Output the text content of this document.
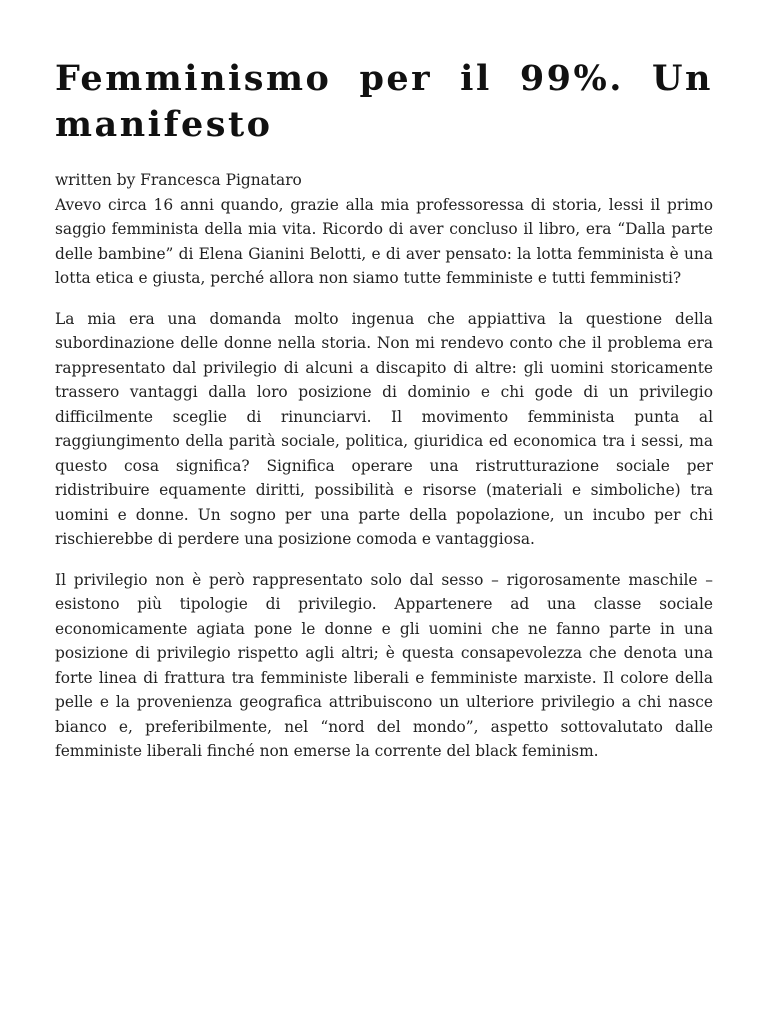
Femminismo per il 99%. Un manifesto

written by Francesca Pignataro

Avevo circa 16 anni quando, grazie alla mia professoressa di storia, lessi il primo saggio femminista della mia vita. Ricordo di aver concluso il libro, era “Dalla parte delle bambine” di Elena Gianini Belotti, e di aver pensato: la lotta femminista è una lotta etica e giusta, perché allora non siamo tutte femministe e tutti femministi?

La mia era una domanda molto ingenua che appiattiva la questione della subordinazione delle donne nella storia. Non mi rendevo conto che il problema era rappresentato dal privilegio di alcuni a discapito di altre: gli uomini storicamente trassero vantaggi dalla loro posizione di dominio e chi gode di un privilegio difficilmente sceglie di rinunciarvi. Il movimento femminista punta al raggiungimento della parità sociale, politica, giuridica ed economica tra i sessi, ma questo cosa significa? Significa operare una ristrutturazione sociale per ridistribuire equamente diritti, possibilità e risorse (materiali e simboliche) tra uomini e donne. Un sogno per una parte della popolazione, un incubo per chi rischierebbe di perdere una posizione comoda e vantaggiosa.

Il privilegio non è però rappresentato solo dal sesso – rigorosamente maschile – esistono più tipologie di privilegio. Appartenere ad una classe sociale economicamente agiata pone le donne e gli uomini che ne fanno parte in una posizione di privilegio rispetto agli altri; è questa consapevolezza che denota una forte linea di frattura tra femministe liberali e femministe marxiste. Il colore della pelle e la provenienza geografica attribuiscono un ulteriore privilegio a chi nasce bianco e, preferibilmente, nel “nord del mondo”, aspetto sottovalutato dalle femministe liberali finché non emerse la corrente del black feminism.
